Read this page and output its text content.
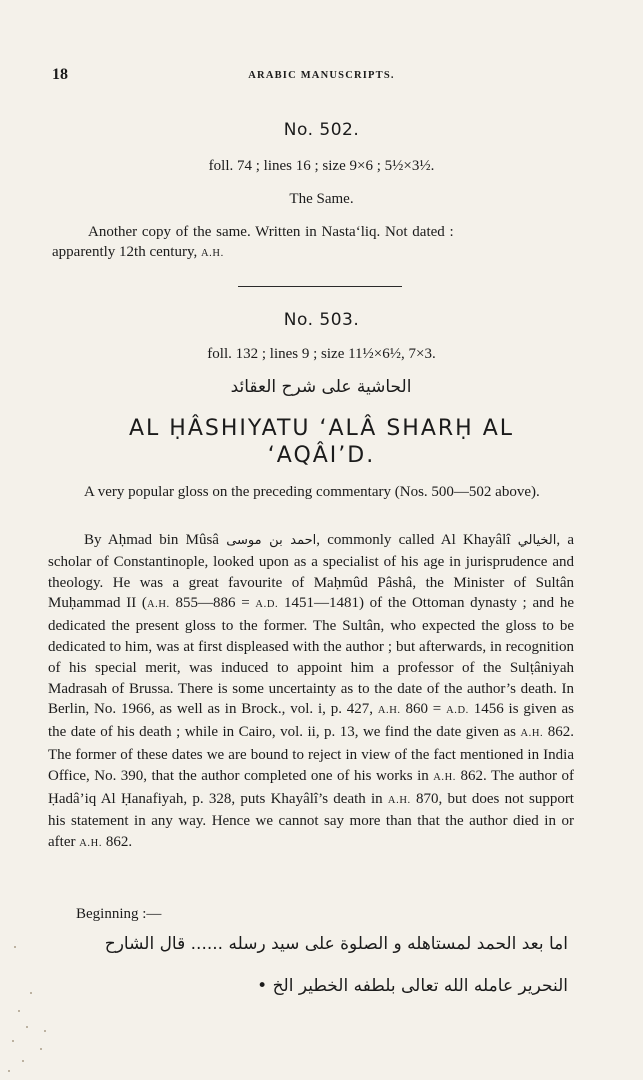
18	ARABIC MANUSCRIPTS.
No. 502.
foll. 74 ; lines 16 ; size 9×6 ; 5½×3½.
The Same.
Another copy of the same. Written in Nasta‘liq. Not dated :
apparently 12th century, A.H.
No. 503.
foll. 132 ; lines 9 ; size 11½×6½, 7×3.
الحاشية على شرح العقائد
AL ḤÂSHIYATU ‘ALÂ SHARḤ AL
‘AQÂI’D.

A very popular gloss on the preceding commentary (Nos. 500—502 above).

By Aḥmad bin Mûsâ احمد بن موسى, commonly called Al Khayâlî الخيالي, a scholar of Constantinople, looked upon as a specialist of his age in jurisprudence and theology. He was a great favourite of Maḥmûd Pâshâ, the Minister of Sultân Muḥammad II (A.H. 855—886 = A.D. 1451—1481) of the Ottoman dynasty ; and he dedicated the present gloss to the former. The Sultân, who expected the gloss to be dedicated to him, was at first displeased with the author ; but afterwards, in recognition of his special merit, was induced to appoint him a professor of the Sulṭâniyah Madrasah of Brussa. There is some uncertainty as to the date of the author’s death. In Berlin, No. 1966, as well as in Brock., vol. i, p. 427, A.H. 860 = A.D. 1456 is given as the date of his death ; while in Cairo, vol. ii, p. 13, we find the date given as A.H. 862. The former of these dates we are bound to reject in view of the fact mentioned in India Office, No. 390, that the author completed one of his works in A.H. 862. The author of Ḥadâ’iq Al Ḥanafiyah, p. 328, puts Khayâlî’s death in A.H. 870, but does not support his statement in any way. Hence we cannot say more than that the author died in or after A.H. 862.

Beginning :—
اما بعد الحمد لمستاهله و الصلوة على سيد رسله ...... قال الشارح
النحرير عامله الله تعالى بلطفه الخطير الخ •
